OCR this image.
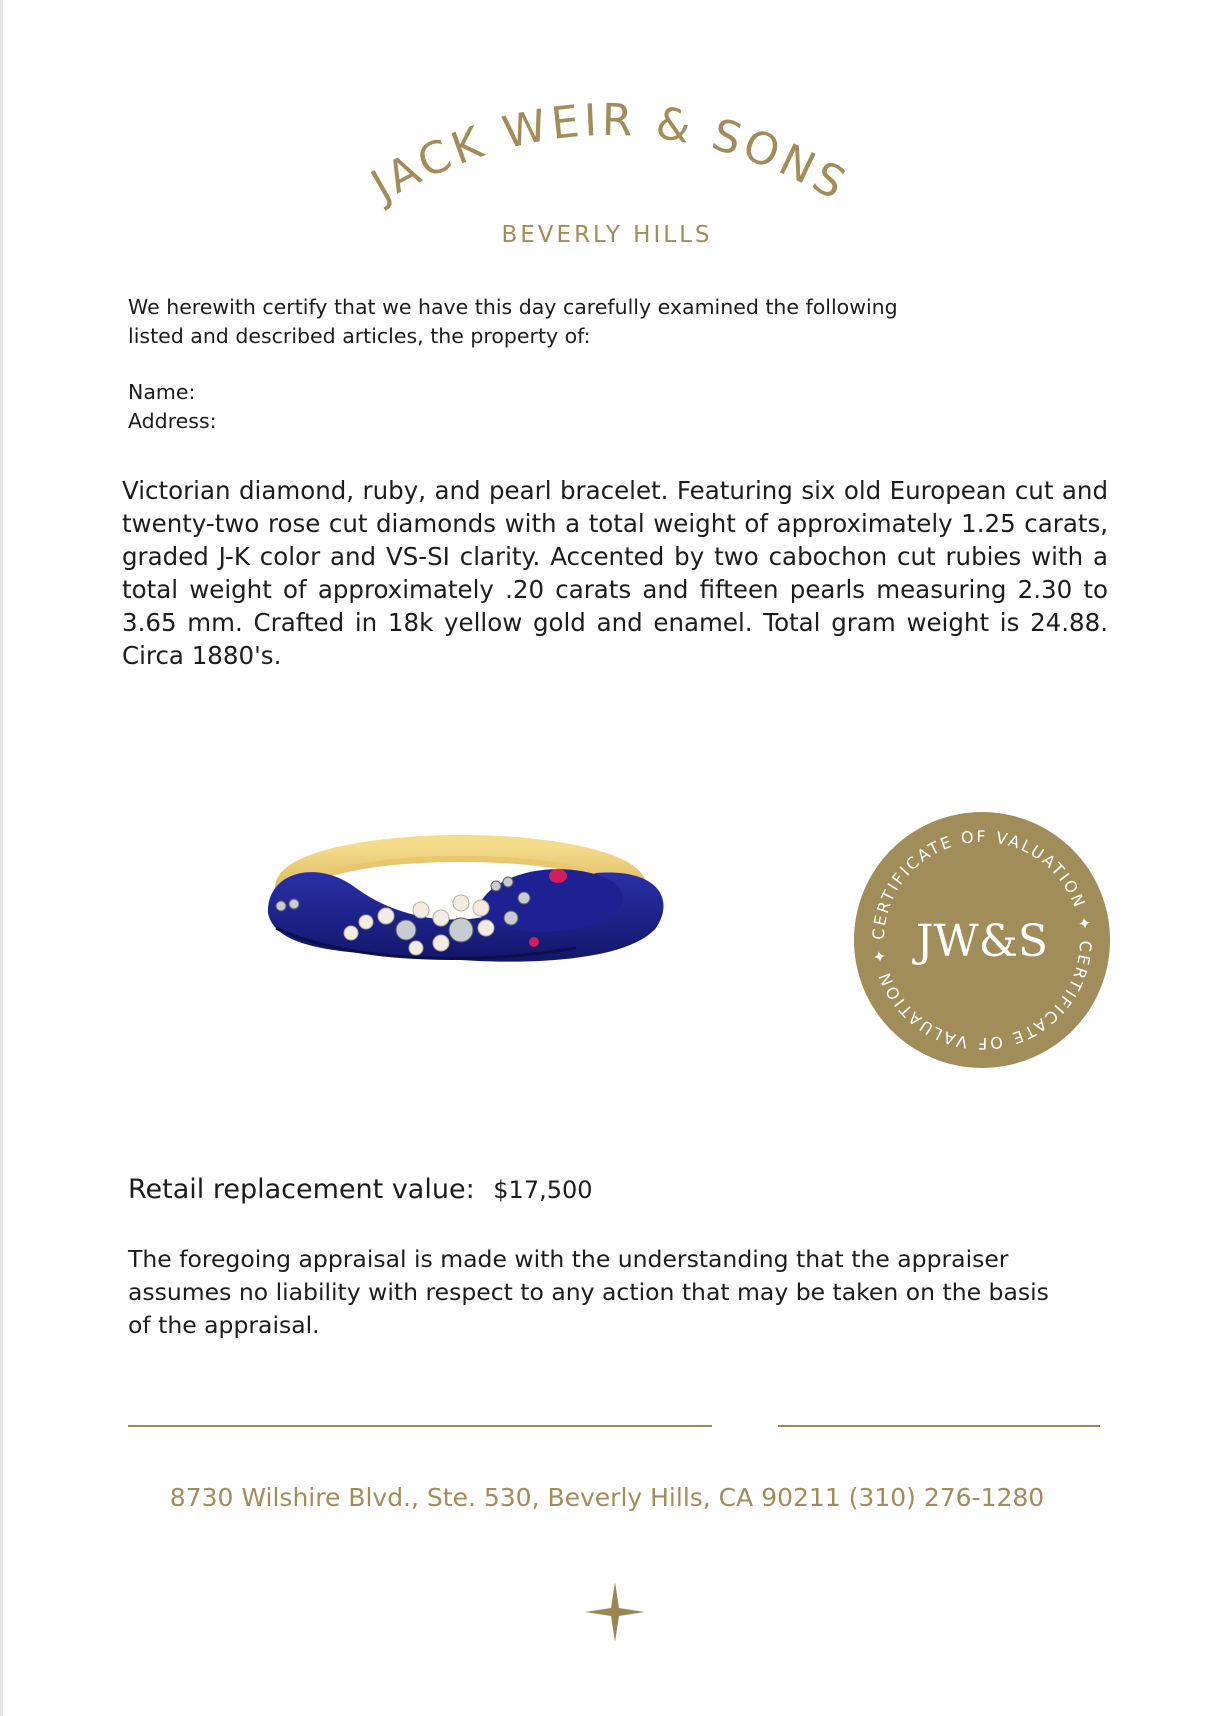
JACK WEIR & SONS
BEVERLY HILLS

We herewith certify that we have this day carefully examined the following listed and described articles, the property of:

Name:
Address:

Victorian diamond, ruby, and pearl bracelet. Featuring six old European cut and twenty-two rose cut diamonds with a total weight of approximately 1.25 carats, graded J-K color and VS-SI clarity. Accented by two cabochon cut rubies with a total weight of approximately .20 carats and fifteen pearls measuring 2.30 to 3.65 mm. Crafted in 18k yellow gold and enamel. Total gram weight is 24.88. Circa 1880's.

CERTIFICATE OF VALUATION ✦ CERTIFICATE OF VALUATION ✦ JW&S
Retail replacement value: $17,500

The foregoing appraisal is made with the understanding that the appraiser assumes no liability with respect to any action that may be taken on the basis of the appraisal.

8730 Wilshire Blvd., Ste. 530, Beverly Hills, CA 90211 (310) 276-1280
